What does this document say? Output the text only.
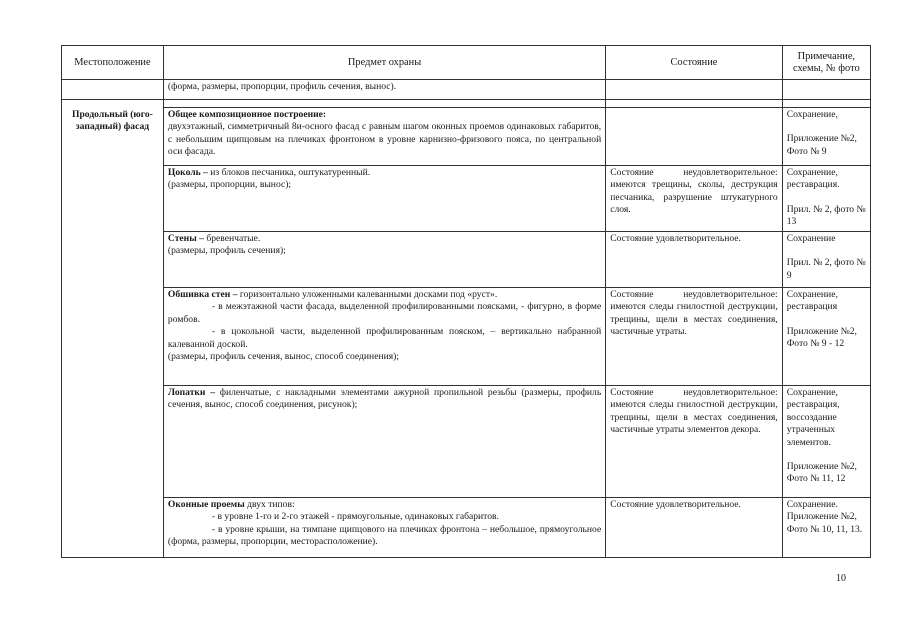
Местоположение	Предмет охраны	Состояние	Примечание,
схемы, № фото

	(форма, размеры, пропорции, профиль сечения, вынос).		

Продольный (юго-западный) фасад	Общее композиционное построение:
двухэтажный, симметричный 8и-осного фасад с равным шагом оконных проемов одинаковых габаритов, с небольшим щипцовым на плечиках фронтоном в уровне карнизно-фризового пояса, по центральной оси фасада.		Сохранение,
Приложение №2, Фото № 9

	Цоколь – из блоков песчаника, оштукатуренный.
(размеры, пропорции, вынос);	Состояние неудовлетворительное: имеются трещины, сколы, деструкция песчаника, разрушение штукатурного слоя.	Сохранение, реставрация.
Прил. № 2, фото № 13

	Стены – бревенчатые.
(размеры, профиль сечения);	Состояние удовлетворительное.	Сохранение
Прил. № 2, фото № 9

	Обшивка стен – горизонтально уложенными калеванными досками под «руст».
- в межэтажной части фасада, выделенной профилированными поясками, - фигурно, в форме ромбов.
- в цокольной части, выделенной профилированным пояском, – вертикально набранной калеванной доской.
(размеры, профиль сечения, вынос, способ соединения);	Состояние неудовлетворительное: имеются следы гнилостной деструкции, трещины, щели в местах соединения, частичные утраты.	Сохранение, реставрация
Приложение №2, Фото № 9 - 12

	Лопатки – филенчатые, с накладными элементами ажурной пропильной резьбы (размеры, профиль сечения, вынос, способ соединения, рисунок);	Состояние неудовлетворительное: имеются следы гнилостной деструкции, трещины, щели в местах соединения, частичные утраты элементов декора.	Сохранение, реставрация, воссоздание утраченных элементов.
Приложение №2, Фото № 11, 12

	Оконные проемы двух типов:
- в уровне 1-го и 2-го этажей - прямоугольные, одинаковых габаритов.
- в уровне крыши, на тимпане щипцового на плечиках фронтона – небольшое, прямоугольное (форма, размеры, пропорции, месторасположение).	Состояние удовлетворительное.	Сохранение.
Приложение №2, Фото № 10, 11, 13.
10
